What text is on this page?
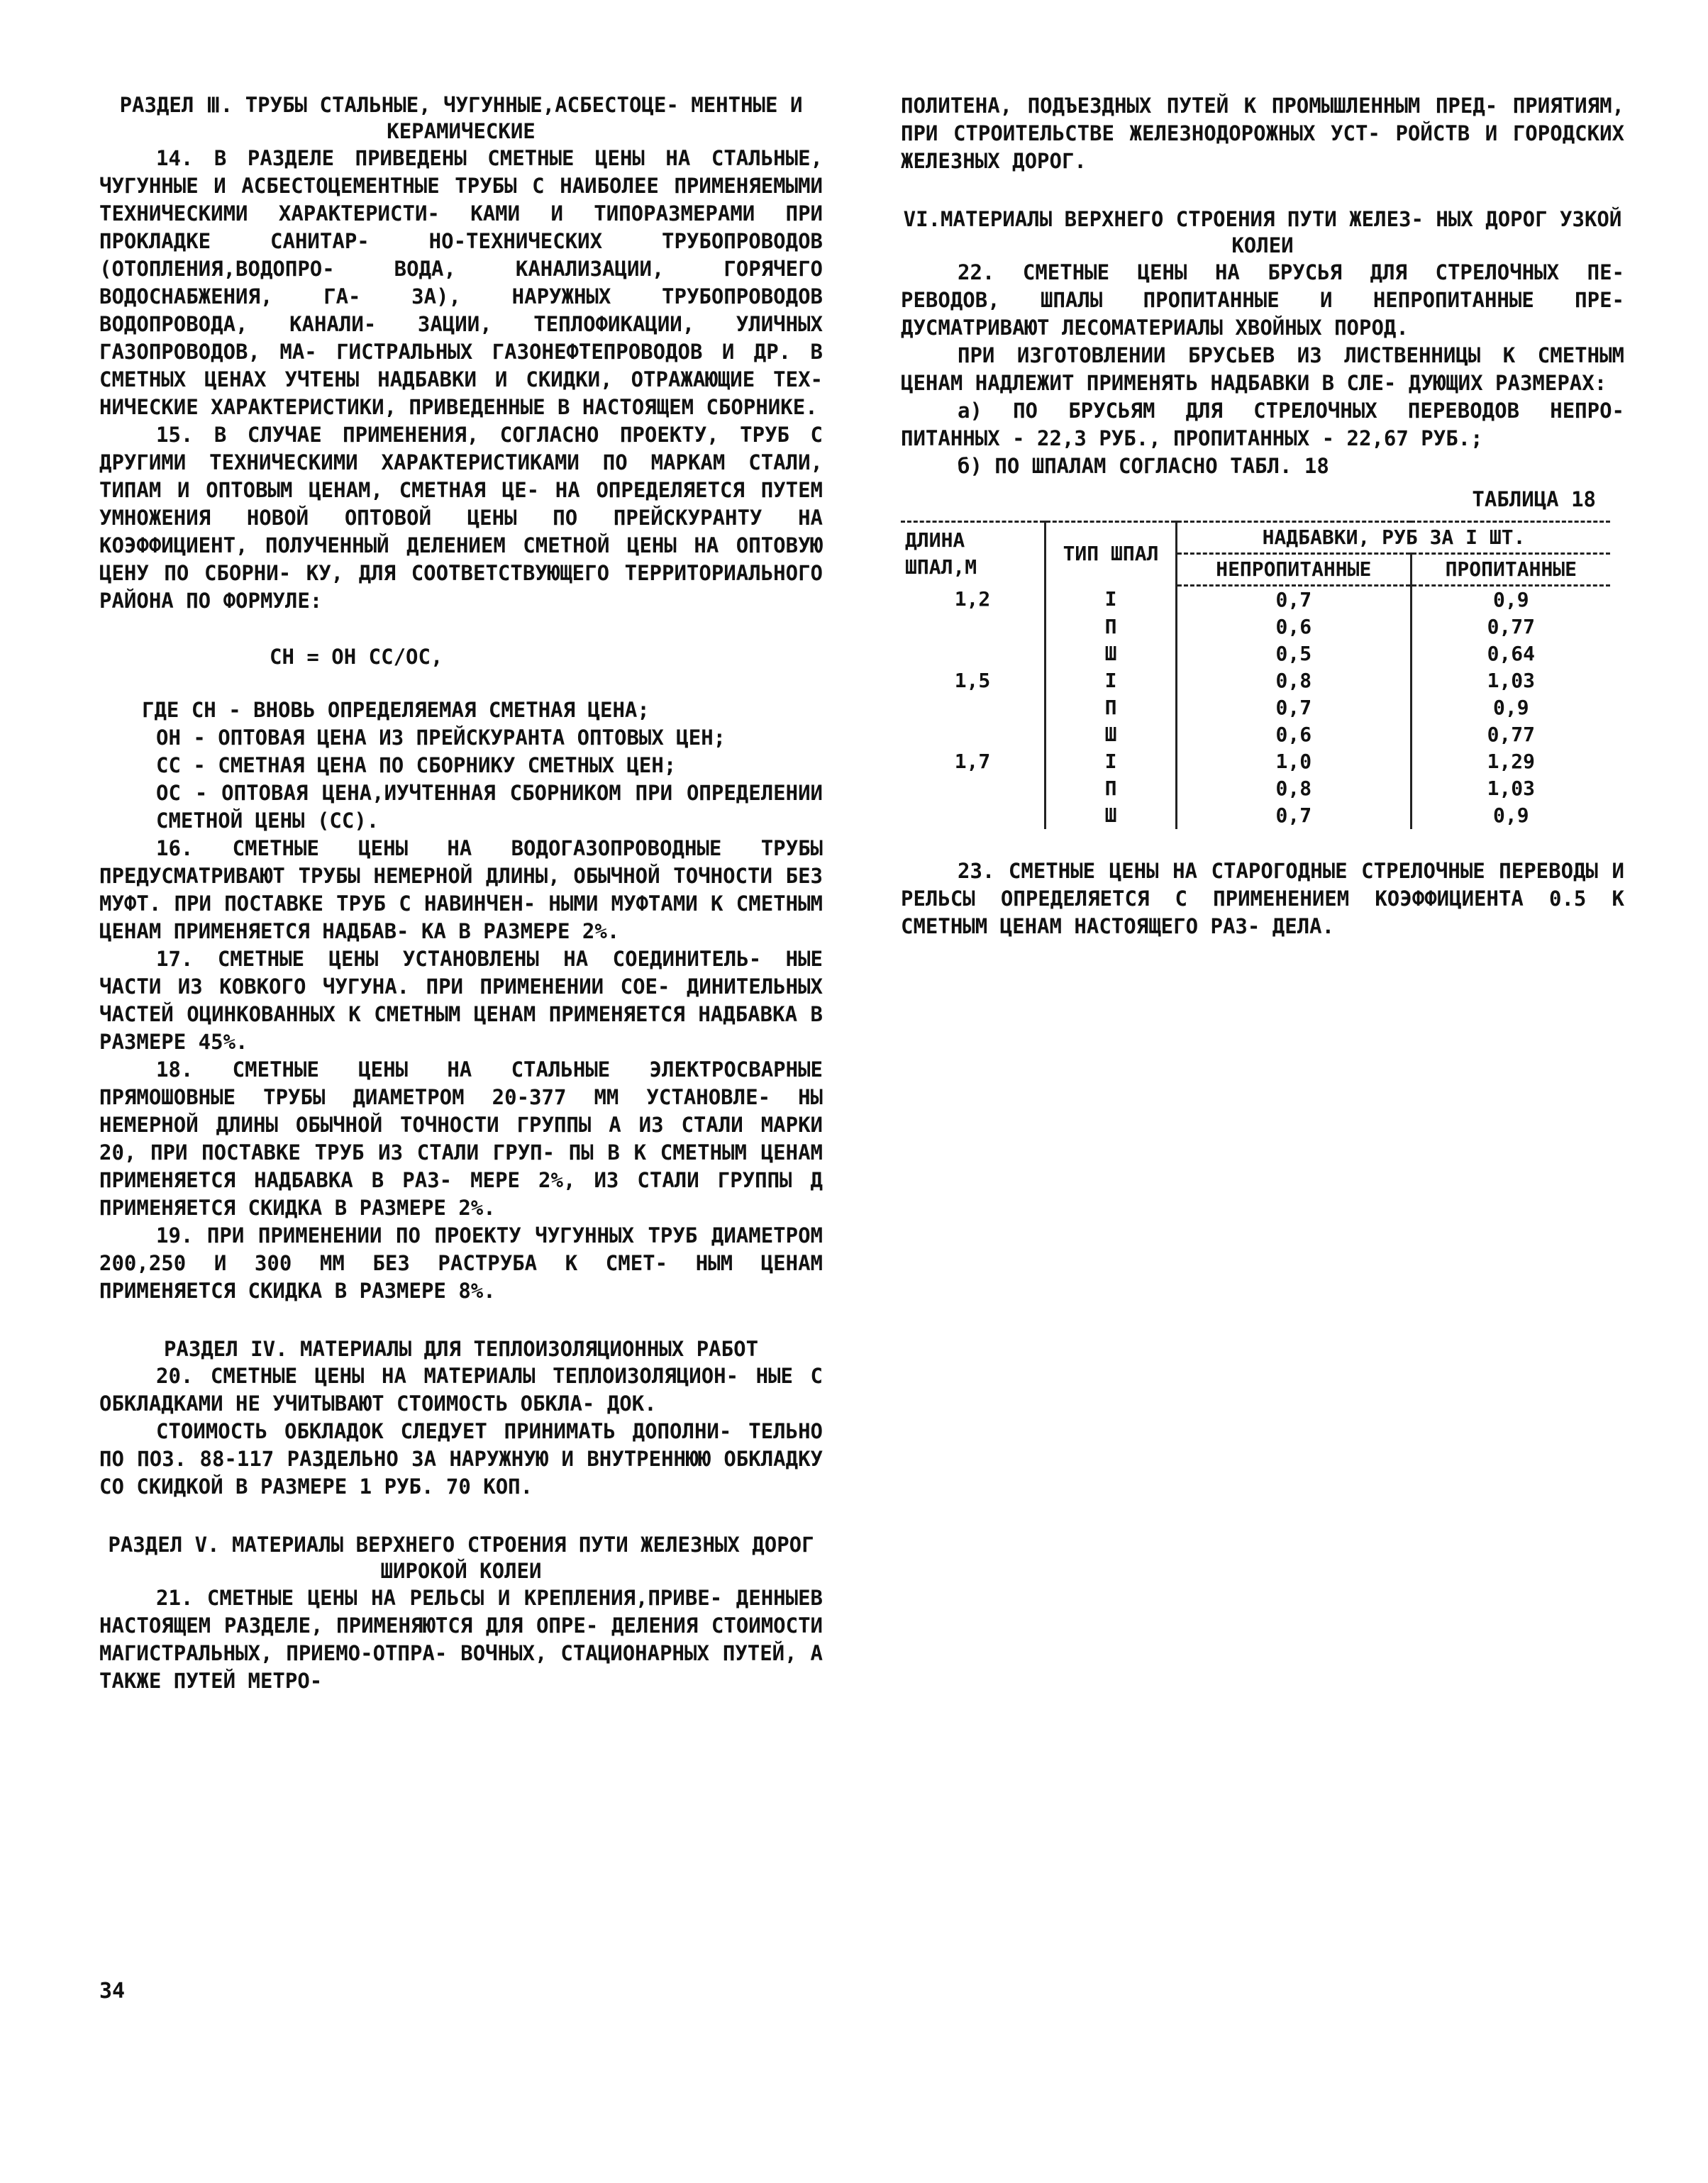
РАЗДЕЛ Ⅲ. ТРУБЫ СТАЛЬНЫЕ, ЧУГУННЫЕ,АСБЕСТОЦЕ- МЕНТНЫЕ И КЕРАМИЧЕСКИЕ

14. В РАЗДЕЛЕ ПРИВЕДЕНЫ СМЕТНЫЕ ЦЕНЫ НА СТАЛЬНЫЕ, ЧУГУННЫЕ И АСБЕСТОЦЕМЕНТНЫЕ ТРУБЫ С НАИБОЛЕЕ ПРИМЕНЯЕМЫМИ ТЕХНИЧЕСКИМИ ХАРАКТЕРИСТИ- КАМИ И ТИПОРАЗМЕРАМИ ПРИ ПРОКЛАДКЕ САНИТАР- НО-ТЕХНИЧЕСКИХ ТРУБОПРОВОДОВ (ОТОПЛЕНИЯ,ВОДОПРО- ВОДА, КАНАЛИЗАЦИИ, ГОРЯЧЕГО ВОДОСНАБЖЕНИЯ, ГА- ЗА), НАРУЖНЫХ ТРУБОПРОВОДОВ ВОДОПРОВОДА, КАНАЛИ- ЗАЦИИ, ТЕПЛОФИКАЦИИ, УЛИЧНЫХ ГАЗОПРОВОДОВ, МА- ГИСТРАЛЬНЫХ ГАЗОНЕФТЕПРОВОДОВ И ДР. В СМЕТНЫХ ЦЕНАХ УЧТЕНЫ НАДБАВКИ И СКИДКИ, ОТРАЖАЮЩИЕ ТЕХ- НИЧЕСКИЕ ХАРАКТЕРИСТИКИ, ПРИВЕДЕННЫЕ В НАСТОЯЩЕМ СБОРНИКЕ.

15. В СЛУЧАЕ ПРИМЕНЕНИЯ, СОГЛАСНО ПРОЕКТУ, ТРУБ С ДРУГИМИ ТЕХНИЧЕСКИМИ ХАРАКТЕРИСТИКАМИ ПО МАРКАМ СТАЛИ, ТИПАМ И ОПТОВЫМ ЦЕНАМ, СМЕТНАЯ ЦЕ- НА ОПРЕДЕЛЯЕТСЯ ПУТЕМ УМНОЖЕНИЯ НОВОЙ ОПТОВОЙ ЦЕНЫ ПО ПРЕЙСКУРАНТУ НА КОЭФФИЦИЕНТ, ПОЛУЧЕННЫЙ ДЕЛЕНИЕМ СМЕТНОЙ ЦЕНЫ НА ОПТОВУЮ ЦЕНУ ПО СБОРНИ- КУ, ДЛЯ СООТВЕТСТВУЮЩЕГО ТЕРРИТОРИАЛЬНОГО РАЙОНА ПО ФОРМУЛЕ:

СН = ОН СС/ОС,

ГДЕ СН - ВНОВЬ ОПРЕДЕЛЯЕМАЯ СМЕТНАЯ ЦЕНА;

ОН - ОПТОВАЯ ЦЕНА ИЗ ПРЕЙСКУРАНТА ОПТОВЫХ ЦЕН;

СС - СМЕТНАЯ ЦЕНА ПО СБОРНИКУ СМЕТНЫХ ЦЕН;

ОС - ОПТОВАЯ ЦЕНА,ИУЧТЕННАЯ СБОРНИКОМ ПРИ ОПРЕДЕЛЕНИИ СМЕТНОЙ ЦЕНЫ (СС).

16. СМЕТНЫЕ ЦЕНЫ НА ВОДОГАЗОПРОВОДНЫЕ ТРУБЫ ПРЕДУСМАТРИВАЮТ ТРУБЫ НЕМЕРНОЙ ДЛИНЫ, ОБЫЧНОЙ ТОЧНОСТИ БЕЗ МУФТ. ПРИ ПОСТАВКЕ ТРУБ С НАВИНЧЕН- НЫМИ МУФТАМИ К СМЕТНЫМ ЦЕНАМ ПРИМЕНЯЕТСЯ НАДБАВ- КА В РАЗМЕРЕ 2%.

17. СМЕТНЫЕ ЦЕНЫ УСТАНОВЛЕНЫ НА СОЕДИНИТЕЛЬ- НЫЕ ЧАСТИ ИЗ КОВКОГО ЧУГУНА. ПРИ ПРИМЕНЕНИИ СОЕ- ДИНИТЕЛЬНЫХ ЧАСТЕЙ ОЦИНКОВАННЫХ К СМЕТНЫМ ЦЕНАМ ПРИМЕНЯЕТСЯ НАДБАВКА В РАЗМЕРЕ 45%.

18. СМЕТНЫЕ ЦЕНЫ НА СТАЛЬНЫЕ ЭЛЕКТРОСВАРНЫЕ ПРЯМОШОВНЫЕ ТРУБЫ ДИАМЕТРОМ 20-377 ММ УСТАНОВЛЕ- НЫ НЕМЕРНОЙ ДЛИНЫ ОБЫЧНОЙ ТОЧНОСТИ ГРУППЫ А ИЗ СТАЛИ МАРКИ 20, ПРИ ПОСТАВКЕ ТРУБ ИЗ СТАЛИ ГРУП- ПЫ В К СМЕТНЫМ ЦЕНАМ ПРИМЕНЯЕТСЯ НАДБАВКА В РАЗ- МЕРЕ 2%, ИЗ СТАЛИ ГРУППЫ Д ПРИМЕНЯЕТСЯ СКИДКА В РАЗМЕРЕ 2%.

19. ПРИ ПРИМЕНЕНИИ ПО ПРОЕКТУ ЧУГУННЫХ ТРУБ ДИАМЕТРОМ 200,250 И 300 ММ БЕЗ РАСТРУБА К СМЕТ- НЫМ ЦЕНАМ ПРИМЕНЯЕТСЯ СКИДКА В РАЗМЕРЕ 8%.

РАЗДЕЛ IV. МАТЕРИАЛЫ ДЛЯ ТЕПЛОИЗОЛЯЦИОННЫХ РАБОТ

20. СМЕТНЫЕ ЦЕНЫ НА МАТЕРИАЛЫ ТЕПЛОИЗОЛЯЦИОН- НЫЕ С ОБКЛАДКАМИ НЕ УЧИТЫВАЮТ СТОИМОСТЬ ОБКЛА- ДОК.

СТОИМОСТЬ ОБКЛАДОК СЛЕДУЕТ ПРИНИМАТЬ ДОПОЛНИ- ТЕЛЬНО ПО ПОЗ. 88-117 РАЗДЕЛЬНО ЗА НАРУЖНУЮ И ВНУТРЕННЮЮ ОБКЛАДКУ СО СКИДКОЙ В РАЗМЕРЕ 1 РУБ. 70 КОП.

РАЗДЕЛ V. МАТЕРИАЛЫ ВЕРХНЕГО СТРОЕНИЯ ПУТИ ЖЕЛЕЗНЫХ ДОРОГ ШИРОКОЙ КОЛЕИ

21. СМЕТНЫЕ ЦЕНЫ НА РЕЛЬСЫ И КРЕПЛЕНИЯ,ПРИВЕ- ДЕННЫЕВ НАСТОЯЩЕМ РАЗДЕЛЕ, ПРИМЕНЯЮТСЯ ДЛЯ ОПРЕ- ДЕЛЕНИЯ СТОИМОСТИ МАГИСТРАЛЬНЫХ, ПРИЕМО-ОТПРА- ВОЧНЫХ, СТАЦИОНАРНЫХ ПУТЕЙ, А ТАКЖЕ ПУТЕЙ МЕТРО-

ПОЛИТЕНА, ПОДЪЕЗДНЫХ ПУТЕЙ К ПРОМЫШЛЕННЫМ ПРЕД- ПРИЯТИЯМ, ПРИ СТРОИТЕЛЬСТВЕ ЖЕЛЕЗНОДОРОЖНЫХ УСТ- РОЙСТВ И ГОРОДСКИХ ЖЕЛЕЗНЫХ ДОРОГ.

VI.МАТЕРИАЛЫ ВЕРХНЕГО СТРОЕНИЯ ПУТИ ЖЕЛЕЗ- НЫХ ДОРОГ УЗКОЙ КОЛЕИ

22. СМЕТНЫЕ ЦЕНЫ НА БРУСЬЯ ДЛЯ СТРЕЛОЧНЫХ ПЕ- РЕВОДОВ, ШПАЛЫ ПРОПИТАННЫЕ И НЕПРОПИТАННЫЕ ПРЕ- ДУСМАТРИВАЮТ ЛЕСОМАТЕРИАЛЫ ХВОЙНЫХ ПОРОД.

ПРИ ИЗГОТОВЛЕНИИ БРУСЬЕВ ИЗ ЛИСТВЕННИЦЫ К СМЕТНЫМ ЦЕНАМ НАДЛЕЖИТ ПРИМЕНЯТЬ НАДБАВКИ В СЛЕ- ДУЮЩИХ РАЗМЕРАХ:

а) ПО БРУСЬЯМ ДЛЯ СТРЕЛОЧНЫХ ПЕРЕВОДОВ НЕПРО- ПИТАННЫХ - 22,3 РУБ., ПРОПИТАННЫХ - 22,67 РУБ.;

б) ПО ШПАЛАМ СОГЛАСНО ТАБЛ. 18

ТАБЛИЦА 18

ДЛИНА ШПАЛ,М	ТИП ШПАЛ	НАДБАВКИ, РУБ ЗА I ШТ.	
		НЕПРОПИТАННЫЕ	ПРОПИТАННЫЕ
1,2	I	0,7	0,9
	П	0,6	0,77
	Ш	0,5	0,64
1,5	I	0,8	1,03
	П	0,7	0,9
	Ш	0,6	0,77
1,7	I	1,0	1,29
	П	0,8	1,03
	Ш	0,7	0,9

23. СМЕТНЫЕ ЦЕНЫ НА СТАРОГОДНЫЕ СТРЕЛОЧНЫЕ ПЕРЕВОДЫ И РЕЛЬСЫ ОПРЕДЕЛЯЕТСЯ С ПРИМЕНЕНИЕМ КОЭФФИЦИЕНТА 0.5 К СМЕТНЫМ ЦЕНАМ НАСТОЯЩЕГО РАЗ- ДЕЛА.

34
